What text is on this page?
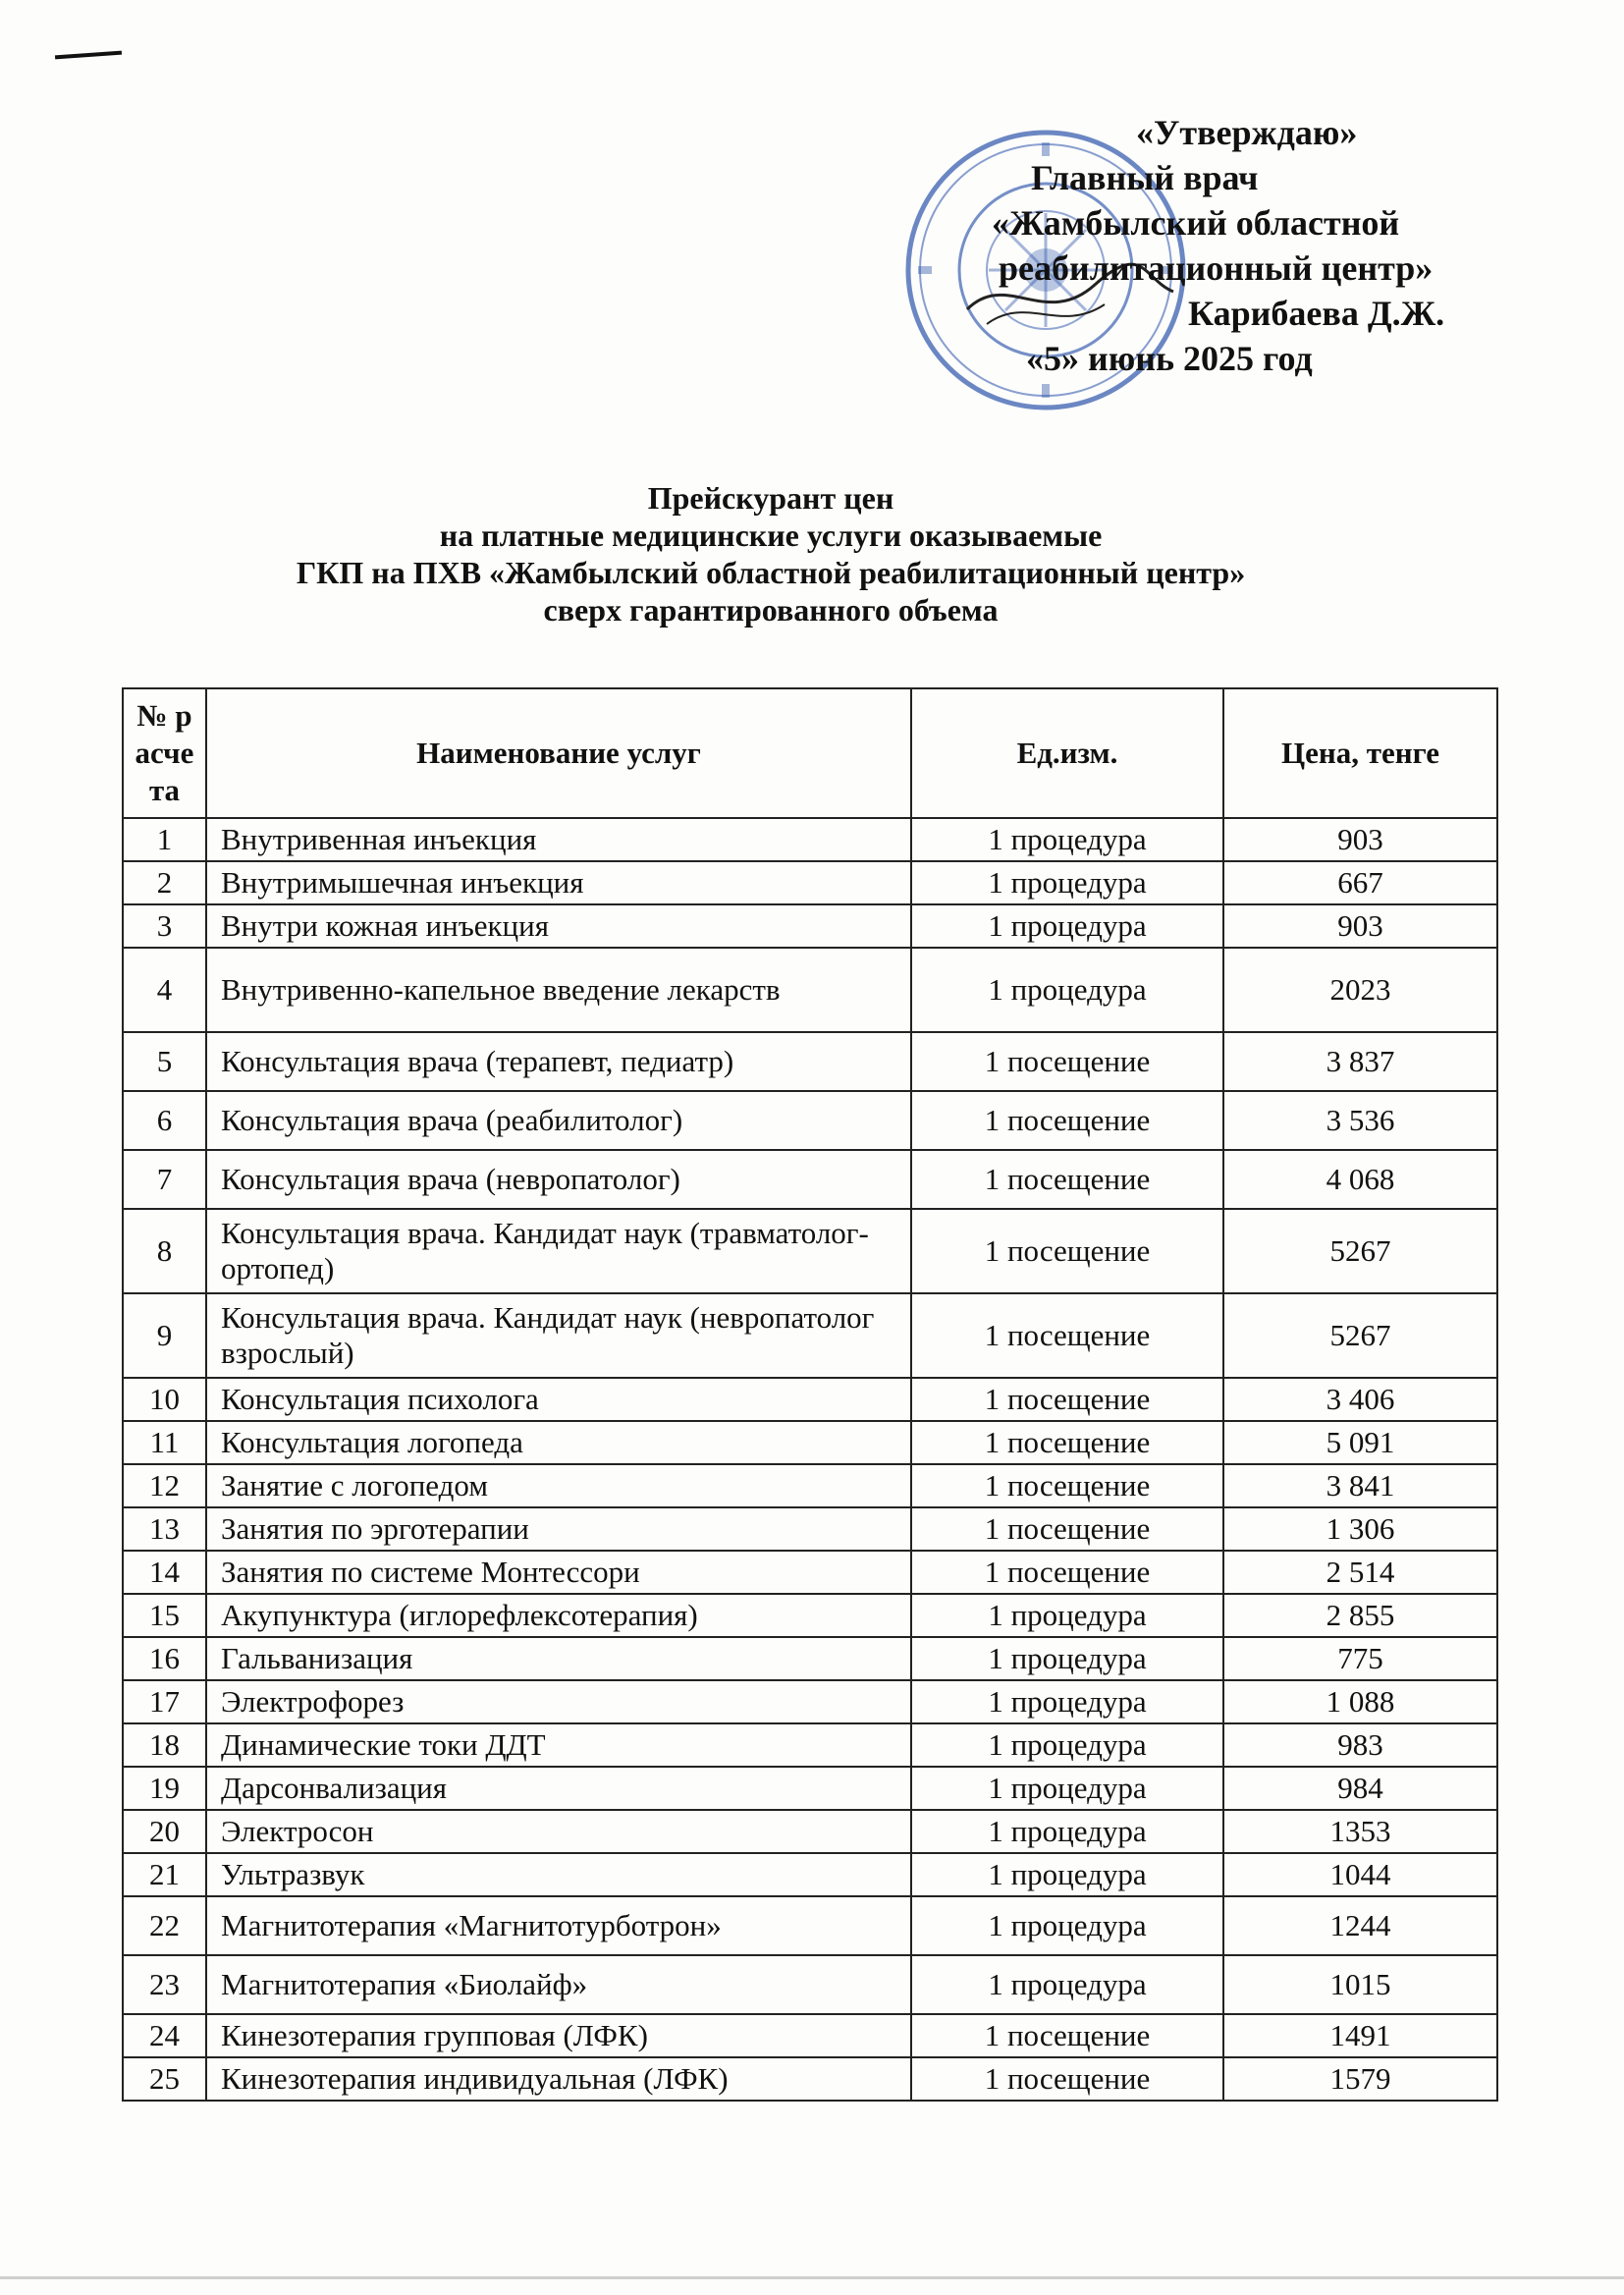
«Утверждаю»
Главный врач
«Жамбылский областной
реабилитационный центр»
Карибаева Д.Ж.
«5» июнь 2025 год
Прейскурант цен
на платные медицинские услуги оказываемые
ГКП на ПХВ «Жамбылский областной реабилитационный центр»
сверх гарантированного объема
№ расчета	Наименование услуг	Ед.изм.	Цена, тенге
1	Внутривенная инъекция	1 процедура	903
2	Внутримышечная инъекция	1 процедура	667
3	Внутри кожная инъекция	1 процедура	903
4	Внутривенно-капельное введение лекарств	1 процедура	2023
5	Консультация врача (терапевт, педиатр)	1 посещение	3 837
6	Консультация врача (реабилитолог)	1 посещение	3 536
7	Консультация врача (невропатолог)	1 посещение	4 068
8	Консультация врача. Кандидат наук (травматолог-ортопед)	1 посещение	5267
9	Консультация врача. Кандидат наук (невропатолог взрослый)	1 посещение	5267
10	Консультация психолога	1 посещение	3 406
11	Консультация логопеда	1 посещение	5 091
12	Занятие с логопедом	1 посещение	3 841
13	Занятия по эрготерапии	1 посещение	1 306
14	Занятия по системе Монтессори	1 посещение	2 514
15	Акупунктура (иглорефлексотерапия)	1 процедура	2 855
16	Гальванизация	1 процедура	775
17	Электрофорез	1 процедура	1 088
18	Динамические токи ДДТ	1 процедура	983
19	Дарсонвализация	1 процедура	984
20	Электросон	1 процедура	1353
21	Ультразвук	1 процедура	1044
22	Магнитотерапия «Магнитотурботрон»	1 процедура	1244
23	Магнитотерапия «Биолайф»	1 процедура	1015
24	Кинезотерапия групповая (ЛФК)	1 посещение	1491
25	Кинезотерапия индивидуальная (ЛФК)	1 посещение	1579
